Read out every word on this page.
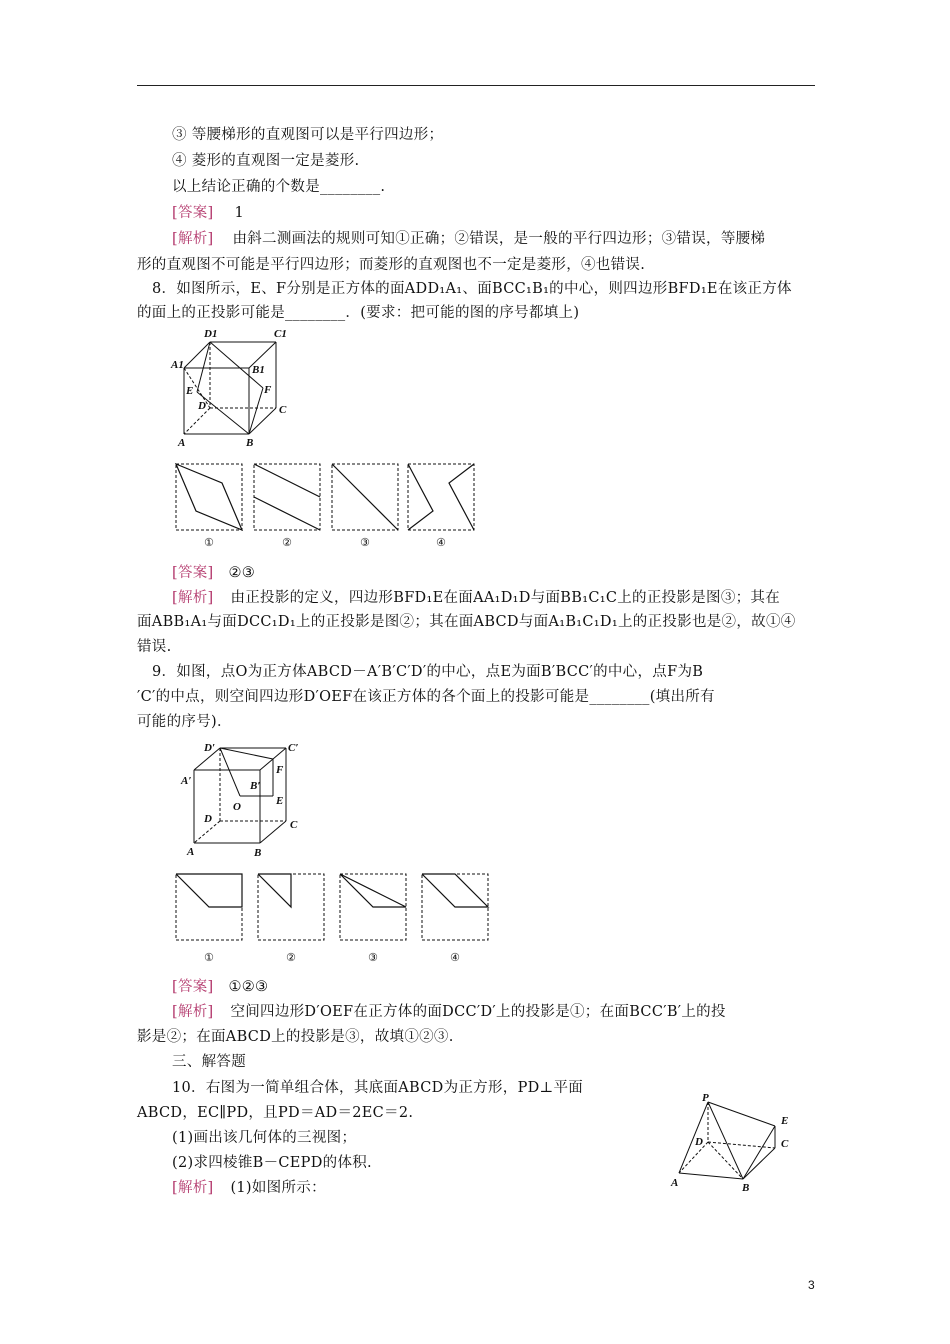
③ 等腰梯形的直观图可以是平行四边形；
④ 菱形的直观图一定是菱形.
以上结论正确的个数是________.
[答案] 1
[解析] 由斜二测画法的规则可知①正确；②错误，是一般的平行四边形；③错误，等腰梯
形的直观图不可能是平行四边形；而菱形的直观图也不一定是菱形，④也错误.
8．如图所示，E、F分别是正方体的面ADD₁A₁、面BCC₁B₁的中心，则四边形BFD₁E在该正方体
的面上的正投影可能是________．(要求：把可能的图的序号都填上)
D1	C1
A1	B1
E	F
D	C
A	B
①	②	③	④
[答案] ②③
[解析] 由正投影的定义，四边形BFD₁E在面AA₁D₁D与面BB₁C₁C上的正投影是图③；其在
面ABB₁A₁与面DCC₁D₁上的正投影是图②；其在面ABCD与面A₁B₁C₁D₁上的正投影也是②，故①④
错误.
9．如图，点O为正方体ABCD－A′B′C′D′的中心，点E为面B′BCC′的中心，点F为B
′C′的中点，则空间四边形D′OEF在该正方体的各个面上的投影可能是________(填出所有
可能的序号)．
D′	C′
A′	B′
F
E
O
D	C
A	B
①	②	③	④
[答案] ①②③
[解析] 空间四边形D′OEF在正方体的面DCC′D′上的投影是①；在面BCC′B′上的投
影是②；在面ABCD上的投影是③，故填①②③.
三、解答题
10．右图为一简单组合体，其底面ABCD为正方形，PD⊥平面
ABCD，EC∥PD，且PD＝AD＝2EC＝2.
(1)画出该几何体的三视图；
(2)求四棱锥B－CEPD的体积.
[解析] (1)如图所示：
P
E
D	C
A	B
3
